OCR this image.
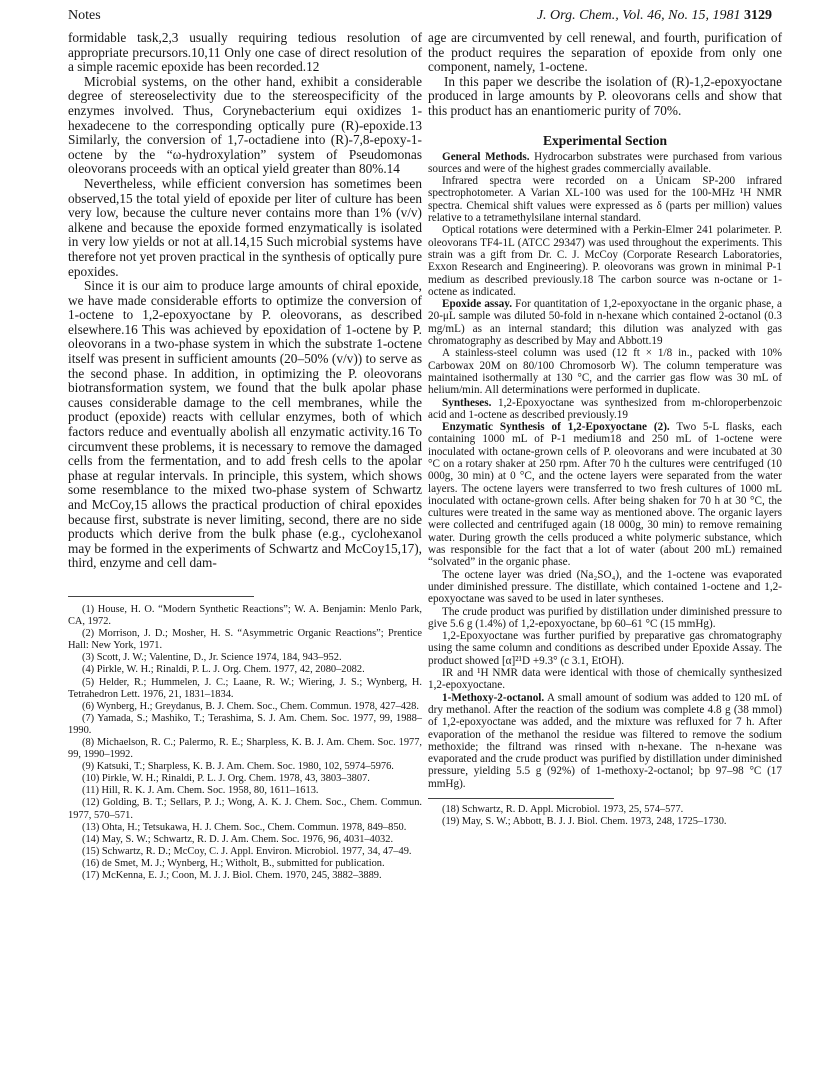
Notes	J. Org. Chem., Vol. 46, No. 15, 1981 3129

formidable task,2,3 usually requiring tedious resolution of appropriate precursors.10,11 Only one case of direct resolution of a simple racemic epoxide has been recorded.12

Microbial systems, on the other hand, exhibit a considerable degree of stereoselectivity due to the stereospecificity of the enzymes involved. Thus, Corynebacterium equi oxidizes 1-hexadecene to the corresponding optically pure (R)-epoxide.13 Similarly, the conversion of 1,7-octadiene into (R)-7,8-epoxy-1-octene by the “ω-hydroxylation” system of Pseudomonas oleovorans proceeds with an optical yield greater than 80%.14

Nevertheless, while efficient conversion has sometimes been observed,15 the total yield of epoxide per liter of culture has been very low, because the culture never contains more than 1% (v/v) alkene and because the epoxide formed enzymatically is isolated in very low yields or not at all.14,15 Such microbial systems have therefore not yet proven practical in the synthesis of optically pure epoxides.

Since it is our aim to produce large amounts of chiral epoxide, we have made considerable efforts to optimize the conversion of 1-octene to 1,2-epoxyoctane by P. oleovorans, as described elsewhere.16 This was achieved by epoxidation of 1-octene by P. oleovorans in a two-phase system in which the substrate 1-octene itself was present in sufficient amounts (20–50% (v/v)) to serve as the second phase. In addition, in optimizing the P. oleovorans biotransformation system, we found that the bulk apolar phase causes considerable damage to the cell membranes, while the product (epoxide) reacts with cellular enzymes, both of which factors reduce and eventually abolish all enzymatic activity.16 To circumvent these problems, it is necessary to remove the damaged cells from the fermentation, and to add fresh cells to the apolar phase at regular intervals. In principle, this system, which shows some resemblance to the mixed two-phase system of Schwartz and McCoy,15 allows the practical production of chiral epoxides because first, substrate is never limiting, second, there are no side products which derive from the bulk phase (e.g., cyclohexanol may be formed in the experiments of Schwartz and McCoy15,17), third, enzyme and cell dam-

(1) House, H. O. “Modern Synthetic Reactions”; W. A. Benjamin: Menlo Park, CA, 1972.

(2) Morrison, J. D.; Mosher, H. S. “Asymmetric Organic Reactions”; Prentice Hall: New York, 1971.

(3) Scott, J. W.; Valentine, D., Jr. Science 1974, 184, 943–952.

(4) Pirkle, W. H.; Rinaldi, P. L. J. Org. Chem. 1977, 42, 2080–2082.

(5) Helder, R.; Hummelen, J. C.; Laane, R. W.; Wiering, J. S.; Wynberg, H. Tetrahedron Lett. 1976, 21, 1831–1834.

(6) Wynberg, H.; Greydanus, B. J. Chem. Soc., Chem. Commun. 1978, 427–428.

(7) Yamada, S.; Mashiko, T.; Terashima, S. J. Am. Chem. Soc. 1977, 99, 1988–1990.

(8) Michaelson, R. C.; Palermo, R. E.; Sharpless, K. B. J. Am. Chem. Soc. 1977, 99, 1990–1992.

(9) Katsuki, T.; Sharpless, K. B. J. Am. Chem. Soc. 1980, 102, 5974–5976.

(10) Pirkle, W. H.; Rinaldi, P. L. J. Org. Chem. 1978, 43, 3803–3807.

(11) Hill, R. K. J. Am. Chem. Soc. 1958, 80, 1611–1613.

(12) Golding, B. T.; Sellars, P. J.; Wong, A. K. J. Chem. Soc., Chem. Commun. 1977, 570–571.

(13) Ohta, H.; Tetsukawa, H. J. Chem. Soc., Chem. Commun. 1978, 849–850.

(14) May, S. W.; Schwartz, R. D. J. Am. Chem. Soc. 1976, 96, 4031–4032.

(15) Schwartz, R. D.; McCoy, C. J. Appl. Environ. Microbiol. 1977, 34, 47–49.

(16) de Smet, M. J.; Wynberg, H.; Witholt, B., submitted for publication.

(17) McKenna, E. J.; Coon, M. J. J. Biol. Chem. 1970, 245, 3882–3889.

age are circumvented by cell renewal, and fourth, purification of the product requires the separation of epoxide from only one component, namely, 1-octene.

In this paper we describe the isolation of (R)-1,2-epoxyoctane produced in large amounts by P. oleovorans cells and show that this product has an enantiomeric purity of 70%.

Experimental Section

General Methods. Hydrocarbon substrates were purchased from various sources and were of the highest grades commercially available.

Infrared spectra were recorded on a Unicam SP-200 infrared spectrophotometer. A Varian XL-100 was used for the 100-MHz ¹H NMR spectra. Chemical shift values were expressed as δ (parts per million) values relative to a tetramethylsilane internal standard.

Optical rotations were determined with a Perkin-Elmer 241 polarimeter. P. oleovorans TF4-1L (ATCC 29347) was used throughout the experiments. This strain was a gift from Dr. C. J. McCoy (Corporate Research Laboratories, Exxon Research and Engineering). P. oleovorans was grown in minimal P-1 medium as described previously.18 The carbon source was n-octane or 1-octene as indicated.

Epoxide assay. For quantitation of 1,2-epoxyoctane in the organic phase, a 20-μL sample was diluted 50-fold in n-hexane which contained 2-octanol (0.3 mg/mL) as an internal standard; this dilution was analyzed with gas chromatography as described by May and Abbott.19

A stainless-steel column was used (12 ft × 1/8 in., packed with 10% Carbowax 20M on 80/100 Chromosorb W). The column temperature was maintained isothermally at 130 °C, and the carrier gas flow was 30 mL of helium/min. All determinations were performed in duplicate.

Syntheses. 1,2-Epoxyoctane was synthesized from m-chloroperbenzoic acid and 1-octene as described previously.19

Enzymatic Synthesis of 1,2-Epoxyoctane (2). Two 5-L flasks, each containing 1000 mL of P-1 medium18 and 250 mL of 1-octene were inoculated with octane-grown cells of P. oleovorans and were incubated at 30 °C on a rotary shaker at 250 rpm. After 70 h the cultures were centrifuged (10 000g, 30 min) at 0 °C, and the octene layers were separated from the water layers. The octene layers were transferred to two fresh cultures of 1000 mL inoculated with octane-grown cells. After being shaken for 70 h at 30 °C, the cultures were treated in the same way as mentioned above. The organic layers were collected and centrifuged again (18 000g, 30 min) to remove remaining water. During growth the cells produced a white polymeric substance, which was responsible for the fact that a lot of water (about 200 mL) remained “solvated” in the organic phase.

The octene layer was dried (Na₂SO₄), and the 1-octene was evaporated under diminished pressure. The distillate, which contained 1-octene and 1,2-epoxyoctane was saved to be used in later syntheses.

The crude product was purified by distillation under diminished pressure to give 5.6 g (1.4%) of 1,2-epoxyoctane, bp 60–61 °C (15 mmHg).

1,2-Epoxyoctane was further purified by preparative gas chromatography using the same column and conditions as described under Epoxide Assay. The product showed [α]²¹D +9.3° (c 3.1, EtOH).

IR and ¹H NMR data were identical with those of chemically synthesized 1,2-epoxyoctane.

1-Methoxy-2-octanol. A small amount of sodium was added to 120 mL of dry methanol. After the reaction of the sodium was complete 4.8 g (38 mmol) of 1,2-epoxyoctane was added, and the mixture was refluxed for 7 h. After evaporation of the methanol the residue was filtered to remove the sodium methoxide; the filtrand was rinsed with n-hexane. The n-hexane was evaporated and the crude product was purified by distillation under diminished pressure, yielding 5.5 g (92%) of 1-methoxy-2-octanol; bp 97–98 °C (17 mmHg).

(18) Schwartz, R. D. Appl. Microbiol. 1973, 25, 574–577.

(19) May, S. W.; Abbott, B. J. J. Biol. Chem. 1973, 248, 1725–1730.
